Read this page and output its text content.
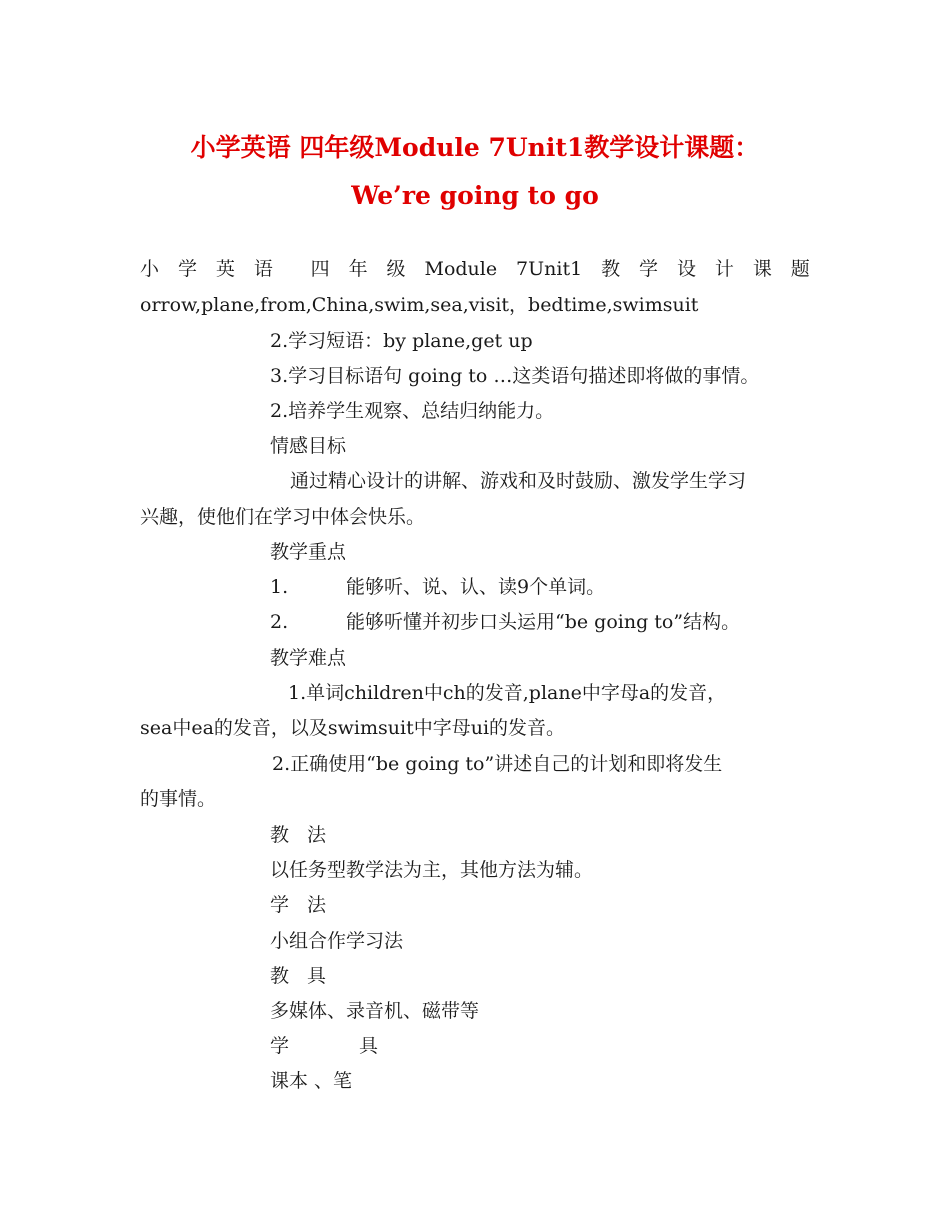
小学英语 四年级Module 7Unit1教学设计课题：
We’re going to go
小 学 英 语 四 年 级 Module 7Unit1 教 学 设 计 课 题
orrow,plane,from,China,swim,sea,visit，bedtime,swimsuit
2.学习短语：by plane,get up
3.学习目标语句 going to …这类语句描述即将做的事情。
2.培养学生观察、总结归纳能力。
情感目标
通过精心设计的讲解、游戏和及时鼓励、激发学生学习
兴趣，使他们在学习中体会快乐。
教学重点
1.	能够听、说、认、读9个单词。
2.	能够听懂并初步口头运用“be going to”结构。
教学难点
1.单词children中ch的发音,plane中字母a的发音，
sea中ea的发音，以及swimsuit中字母ui的发音。
2.正确使用“be going to”讲述自己的计划和即将发生
的事情。
教 法
以任务型教学法为主，其他方法为辅。
学 法
小组合作学习法
教 具
多媒体、录音机、磁带等
学	具
课本 、笔
